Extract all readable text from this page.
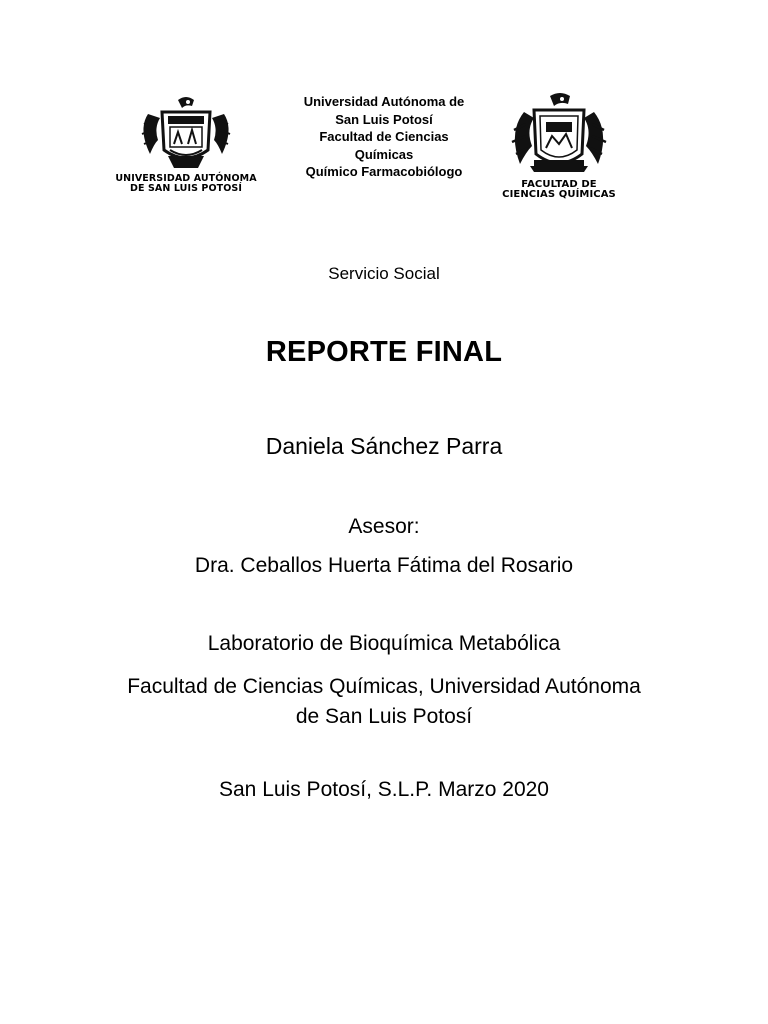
UNIVERSIDAD AUTÓNOMA
DE SAN LUIS POTOSÍ
Universidad Autónoma de
San Luis Potosí
Facultad de Ciencias
Químicas
Químico Farmacobiólogo
FACULTAD DE
CIENCIAS QUÍMICAS
Servicio Social
REPORTE FINAL
Daniela Sánchez Parra
Asesor:
Dra. Ceballos Huerta Fátima del Rosario
Laboratorio de Bioquímica Metabólica
Facultad de Ciencias Químicas, Universidad Autónoma
de San Luis Potosí
San Luis Potosí, S.L.P. Marzo 2020
